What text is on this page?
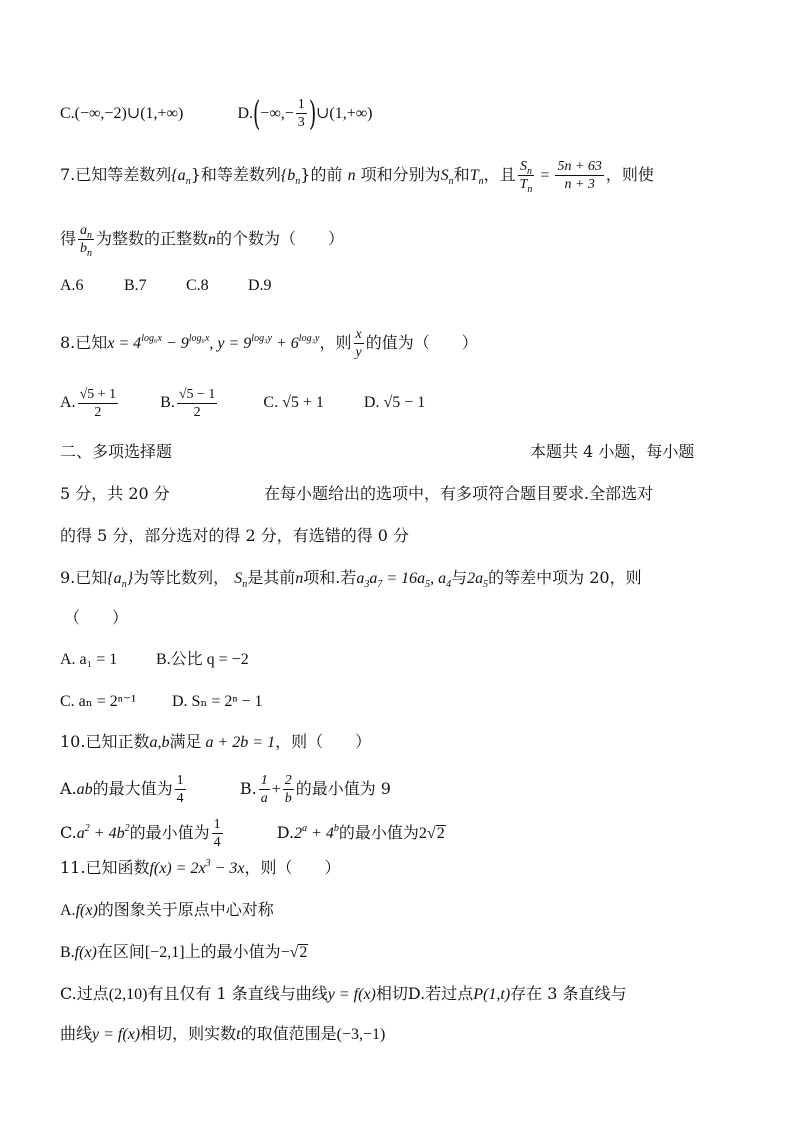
C.(−∞,−2)∪(1,+∞)	$D.(-\infty,- \frac{1}{3}$ )∪(1,+∞)
7.已知等差数列$\{a_n\}$和等差数列$\{b_n\}$的前 n 项和分别为$S_n$和$T_n$，且 $\frac{S_n}{T_n} = \frac{5n + 63}{n + 3}$ ，则使
得 $\frac{a_n}{b_n}$ 为整数的正整数n的个数为（　　）
A.6	B.7 C.8 D.9
8.已知$x = 4^{log_6x} - 9^{log_6x}$, $y = 9^{log_3y} + 6^{log_3y}$，则 $\frac{x}{y}$ 的值为（　　）
A. $\frac{√5 + 1}{2}$	B. $\frac{√5 - 1}{2}$	C. √5 + 1	D. √5 − 1
二、多项选择题	本题共 4 小题，每小题
5 分，共 20 分	在每小题给出的选项中，有多项符合题目要求.全部选对
的得 5 分，部分选对的得 2 分，有选错的得 0 分
9.已知$\{a_n\}$为等比数列， $S_n$是其前n项和.若$a_3a_7 = 16a_5$, $a_4$与$2a_5$的等差中项为 20，则
（　　）
A. a₁ = 1 B.公比 q = −2
C. aₙ = 2ⁿ⁻¹ D. Sₙ = 2ⁿ − 1
10.已知正数a,b满足 a + 2b = 1，则（　　）
A.ab的最大值为 $\frac{1}{4}$	B. $\frac{1}{a} + \frac{2}{b}$ 的最小值为 9
$C.a^2 + 4b^2$的最小值为 $\frac{1}{4}$	$D.2^a + 4^b$的最小值为2√2
11.已知函数$f(x) = 2x^3 - 3x$，则（　　）
A.f(x)的图象关于原点中心对称
B.f(x)在区间[−2,1]上的最小值为−√2
C.过点(2,10)有且仅有 1 条直线与曲线y = f(x)相切D.若过点P(1,t)存在 3 条直线与
曲线y = f(x)相切，则实数t的取值范围是(−3,−1)
